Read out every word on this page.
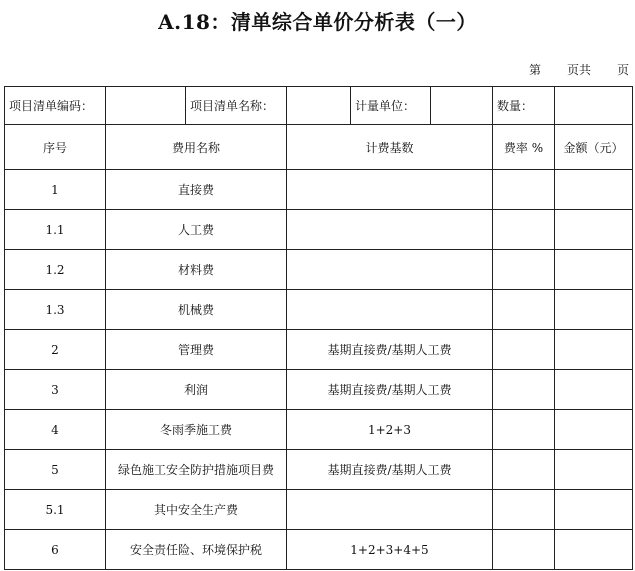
A.18：清单综合单价分析表（一）
第 页共 页
项目清单编码：		项目清单名称：		计量单位：		数量：	
序号	费用名称		计费基数			费率 %	金额（元）
1	直接费						
1.1	人工费						
1.2	材料费						
1.3	机械费						
2	管理费		基期直接费/基期人工费				
3	利润		基期直接费/基期人工费				
4	冬雨季施工费		1+2+3				
5	绿色施工安全防护措施项目费		基期直接费/基期人工费				
5.1	其中安全生产费						
6	安全责任险、环境保护税		1+2+3+4+5				
